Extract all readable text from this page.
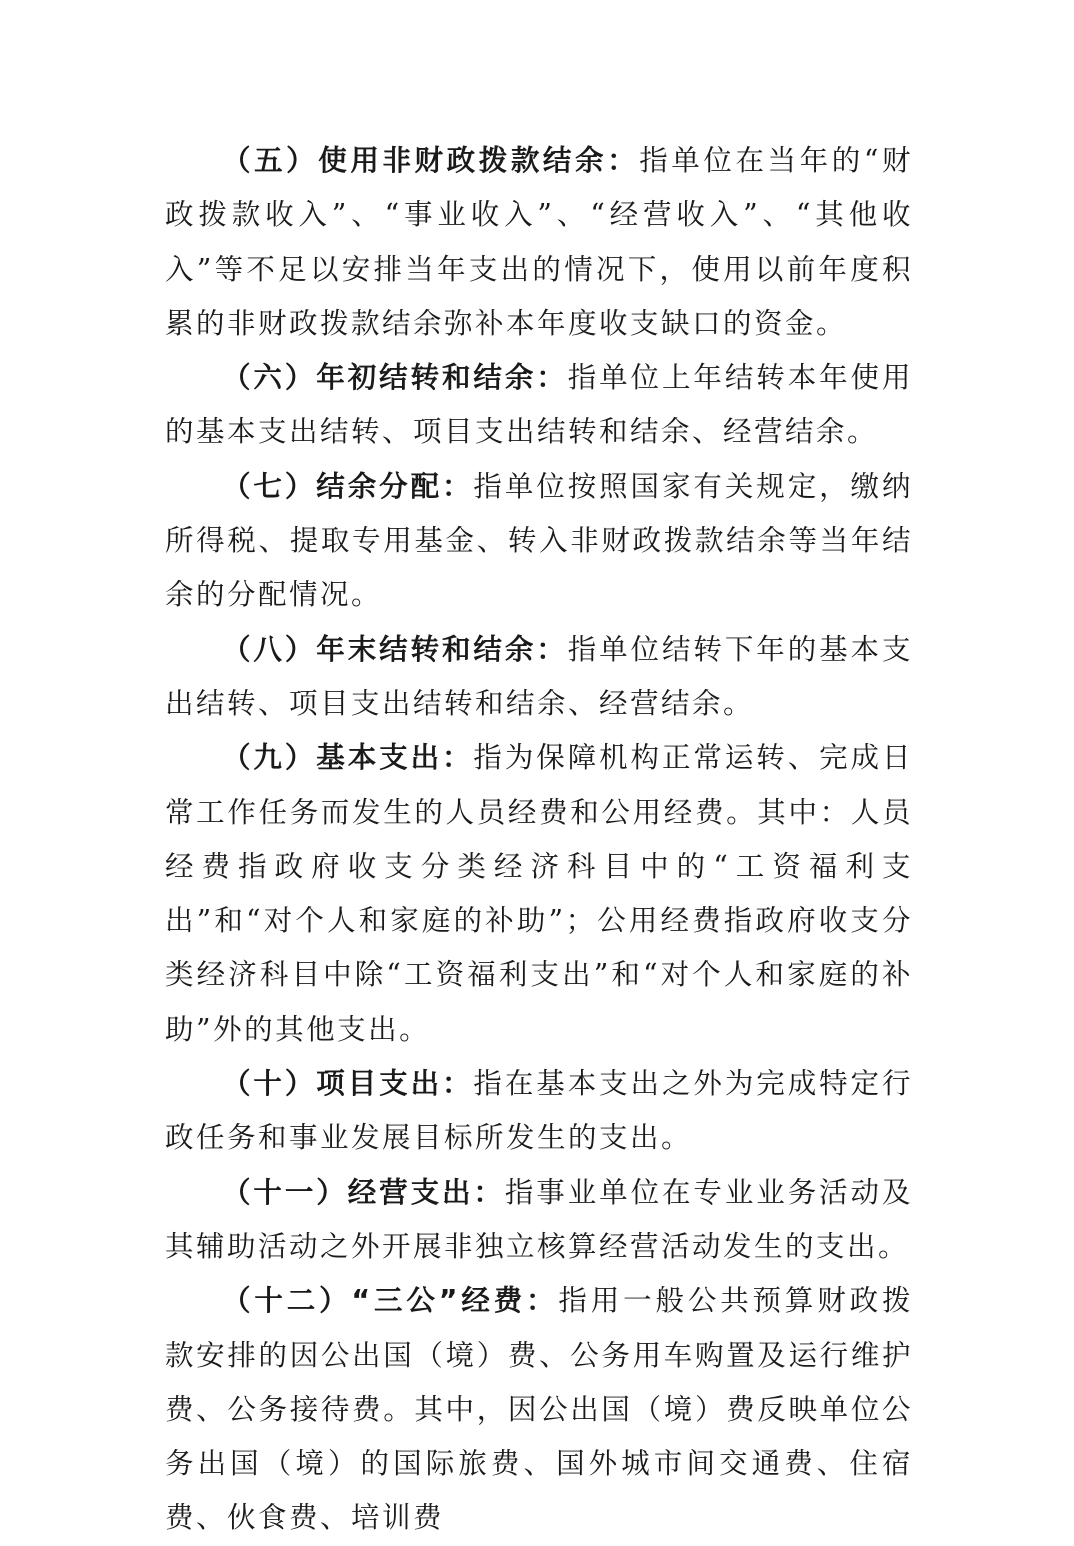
（五）使用非财政拨款结余：指单位在当年的“财政拨款收入”、“事业收入”、“经营收入”、“其他收入”等不足以安排当年支出的情况下，使用以前年度积累的非财政拨款结余弥补本年度收支缺口的资金。

（六）年初结转和结余：指单位上年结转本年使用的基本支出结转、项目支出结转和结余、经营结余。

（七）结余分配：指单位按照国家有关规定，缴纳所得税、提取专用基金、转入非财政拨款结余等当年结余的分配情况。

（八）年末结转和结余：指单位结转下年的基本支出结转、项目支出结转和结余、经营结余。

（九）基本支出：指为保障机构正常运转、完成日常工作任务而发生的人员经费和公用经费。其中：人员经费指政府收支分类经济科目中的“工资福利支出”和“对个人和家庭的补助”；公用经费指政府收支分类经济科目中除“工资福利支出”和“对个人和家庭的补助”外的其他支出。

（十）项目支出：指在基本支出之外为完成特定行政任务和事业发展目标所发生的支出。

（十一）经营支出：指事业单位在专业业务活动及其辅助活动之外开展非独立核算经营活动发生的支出。

（十二）“三公”经费：指用一般公共预算财政拨款安排的因公出国（境）费、公务用车购置及运行维护费、公务接待费。其中，因公出国（境）费反映单位公务出国（境）的国际旅费、国外城市间交通费、住宿费、伙食费、培训费
